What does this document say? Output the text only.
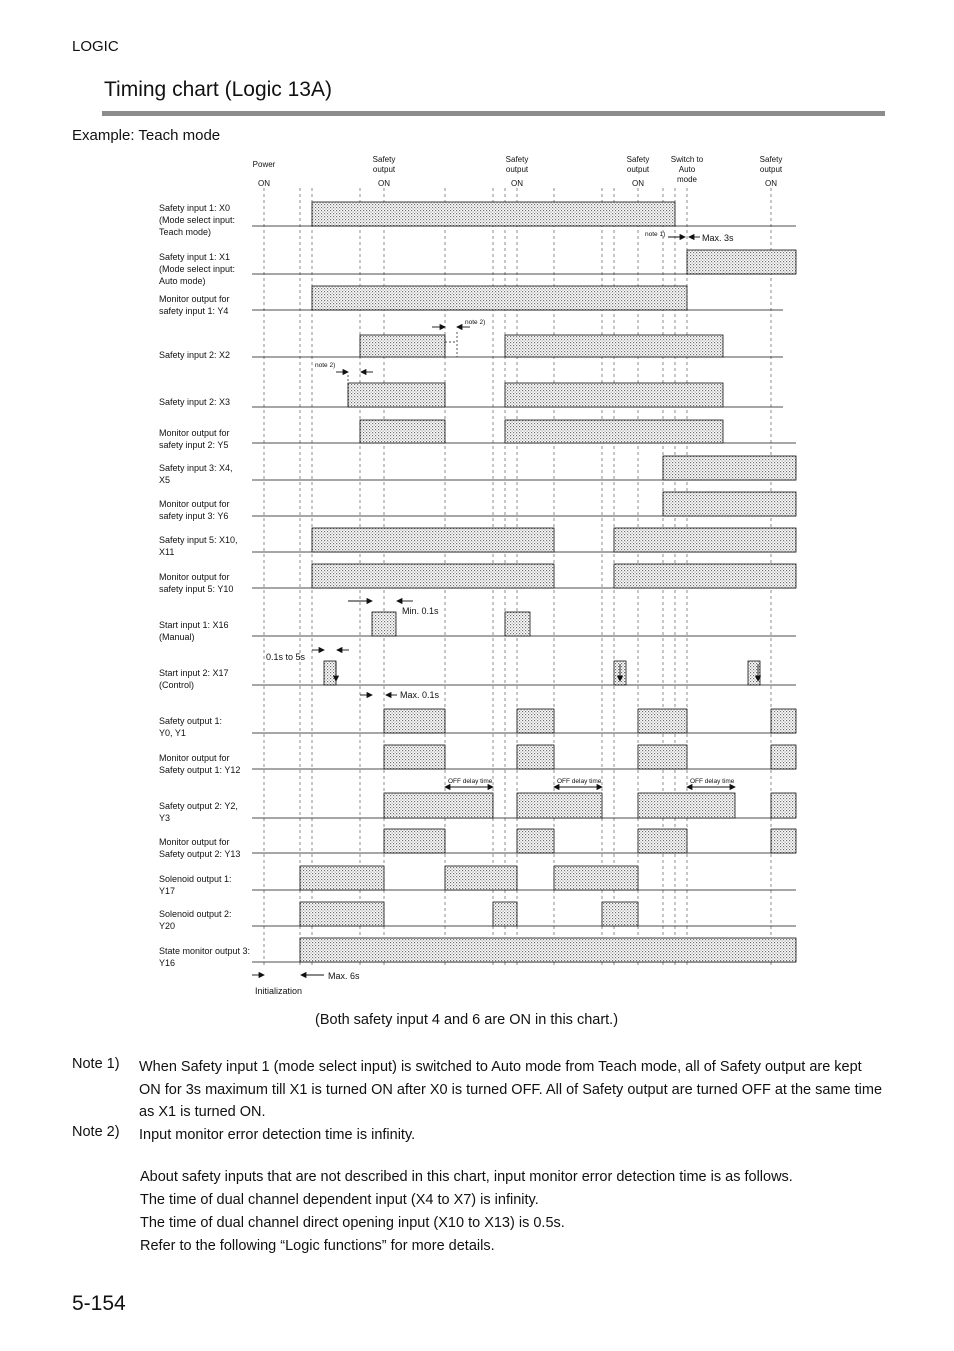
LOGIC
Timing chart (Logic 13A)
Example: Teach mode
Safety input 1: X0 (Mode select input: Teach mode)
Safety input 1: X1 (Mode select input: Auto mode)
Monitor output for safety input 1: Y4
Safety input 2: X2
Safety input 2: X3
Monitor output for safety input 2: Y5
Safety input 3: X4, X5
Monitor output for safety input 3: Y6
Safety input 5: X10, X11
Monitor output for safety input 5: Y10
Start input 1: X16 (Manual)
Start input 2: X17 (Control)
Safety output 1: Y0, Y1
Monitor output for Safety output 1: Y12
Safety output 2: Y2, Y3
Monitor output for Safety output 2: Y13
Solenoid output 1: Y17
Solenoid output 2: Y20
State monitor output 3: Y16
Power
ON
Safety output
ON
Safety output
ON
Safety output
ON
Switch to Auto mode
Safety output
ON
note 1)	Max. 3s
note 2)
note 2)
Min. 0.1s
0.1s to 5s
Max. 0.1s
OFF delay time	OFF delay time	OFF delay time
Max. 6s
Initialization
(Both safety input 4 and 6 are ON in this chart.)
Note 1) When Safety input 1 (mode select input) is switched to Auto mode from Teach mode, all of Safety output are kept ON for 3s maximum till X1 is turned ON after X0 is turned OFF. All of Safety output are turned OFF at the same time as X1 is turned ON.
Note 2) Input monitor error detection time is infinity.
About safety inputs that are not described in this chart, input monitor error detection time is as follows.
The time of dual channel dependent input (X4 to X7) is infinity.
The time of dual channel direct opening input (X10 to X13) is 0.5s.
Refer to the following “Logic functions” for more details.
5-154
